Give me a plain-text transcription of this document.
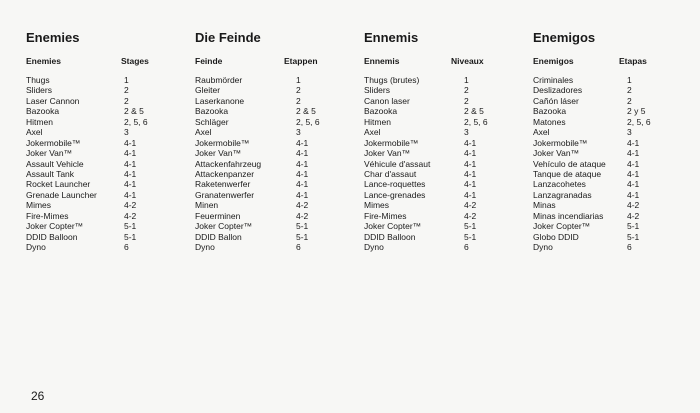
Enemies
Enemies	Stages
Thugs	1
Sliders	2
Laser Cannon	2
Bazooka	2 & 5
Hitmen	2, 5, 6
Axel	3
Jokermobile™	4-1
Joker Van™	4-1
Assault Vehicle	4-1
Assault Tank	4-1
Rocket Launcher	4-1
Grenade Launcher	4-1
Mimes	4-2
Fire-Mimes	4-2
Joker Copter™	5-1
DDID Balloon	5-1
Dyno	6
Die Feinde
Feinde	Etappen
Raubmörder	1
Gleiter	2
Laserkanone	2
Bazooka	2 & 5
Schläger	2, 5, 6
Axel	3
Jokermobile™	4-1
Joker Van™	4-1
Attackenfahrzeug	4-1
Attackenpanzer	4-1
Raketenwerfer	4-1
Granatenwerfer	4-1
Minen	4-2
Feuerminen	4-2
Joker Copter™	5-1
DDID Ballon	5-1
Dyno	6
Ennemis
Ennemis	Niveaux
Thugs (brutes)	1
Sliders	2
Canon laser	2
Bazooka	2 & 5
Hitmen	2, 5, 6
Axel	3
Jokermobile™	4-1
Joker Van™	4-1
Véhicule d'assaut	4-1
Char d'assaut	4-1
Lance-roquettes	4-1
Lance-grenades	4-1
Mimes	4-2
Fire-Mimes	4-2
Joker Copter™	5-1
DDID Balloon	5-1
Dyno	6
Enemigos
Enemigos	Etapas
Criminales	1
Deslizadores	2
Cañón láser	2
Bazooka	2 y 5
Matones	2, 5, 6
Axel	3
Jokermobile™	4-1
Joker Van™	4-1
Vehículo de ataque 4-1
Tanque de ataque	4-1
Lanzacohetes	4-1
Lanzagranadas	4-1
Minas	4-2
Minas incendiarias	4-2
Joker Copter™	5-1
Globo DDID	5-1
Dyno	6
26
